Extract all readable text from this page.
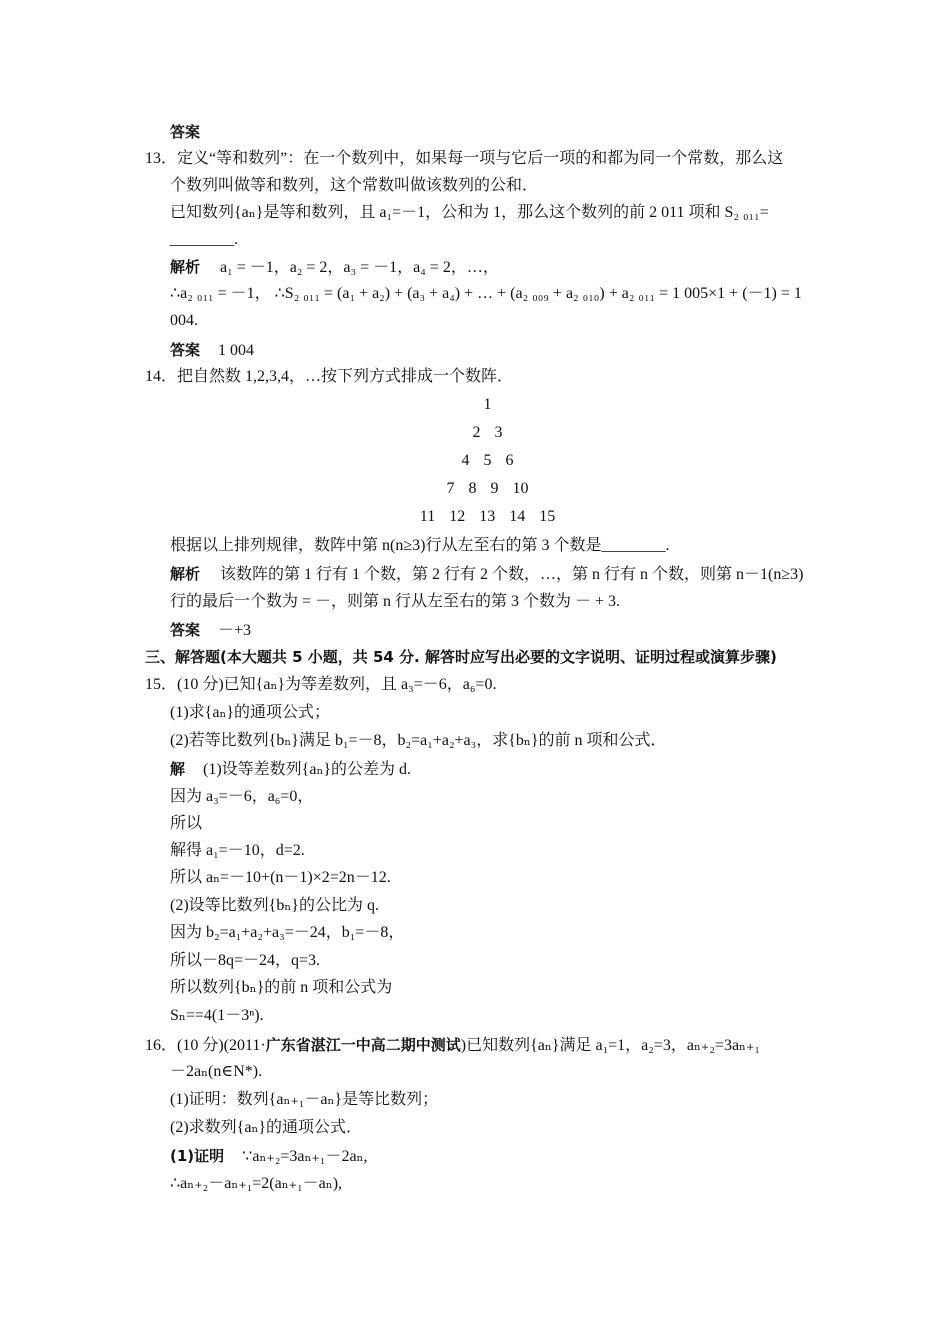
答案
13．定义“等和数列”：在一个数列中，如果每一项与它后一项的和都为同一个常数，那么这
个数列叫做等和数列，这个常数叫做该数列的公和．
已知数列{aₙ}是等和数列，且 a₁=－1，公和为 1，那么这个数列的前 2 011 项和 S₂ ₀₁₁=
________.
解析 a₁ = －1，a₂ = 2，a₃ = －1，a₄ = 2，…，
∴a₂ ₀₁₁ = －1， ∴S₂ ₀₁₁ = (a₁ + a₂) + (a₃ + a₄) + … + (a₂ ₀₀₉ + a₂ ₀₁₀) + a₂ ₀₁₁ = 1 005×1 + (－1) = 1
004.
答案 1 004
14．把自然数 1,2,3,4，…按下列方式排成一个数阵．
1
2 3
4 5 6
7 8 9 10
11 12 13 14 15
根据以上排列规律，数阵中第 n(n≥3)行从左至右的第 3 个数是________.
解析 该数阵的第 1 行有 1 个数，第 2 行有 2 个数，…，第 n 行有 n 个数，则第 n－1(n≥3)
行的最后一个数为 = －，则第 n 行从左至右的第 3 个数为 － + 3.
答案 －+3
三、解答题(本大题共 5 小题，共 54 分. 解答时应写出必要的文字说明、证明过程或演算步骤)
15．(10 分)已知{aₙ}为等差数列，且 a₃=－6，a₆=0.
(1)求{aₙ}的通项公式；
(2)若等比数列{bₙ}满足 b₁=－8，b₂=a₁+a₂+a₃，求{bₙ}的前 n 项和公式．
解 (1)设等差数列{aₙ}的公差为 d.
因为 a₃=－6，a₆=0，
所以
解得 a₁=－10，d=2.
所以 aₙ=－10+(n－1)×2=2n－12.
(2)设等比数列{bₙ}的公比为 q.
因为 b₂=a₁+a₂+a₃=－24，b₁=－8，
所以－8q=－24，q=3.
所以数列{bₙ}的前 n 项和公式为
Sₙ==4(1－3ⁿ).
16．(10 分)(2011·广东省湛江一中高二期中测试)已知数列{aₙ}满足 a₁=1，a₂=3，aₙ₊₂=3aₙ₊₁
－2aₙ(n∈N*).
(1)证明：数列{aₙ₊₁－aₙ}是等比数列；
(2)求数列{aₙ}的通项公式．
(1)证明 ∵aₙ₊₂=3aₙ₊₁－2aₙ,
∴aₙ₊₂－aₙ₊₁=2(aₙ₊₁－aₙ),
